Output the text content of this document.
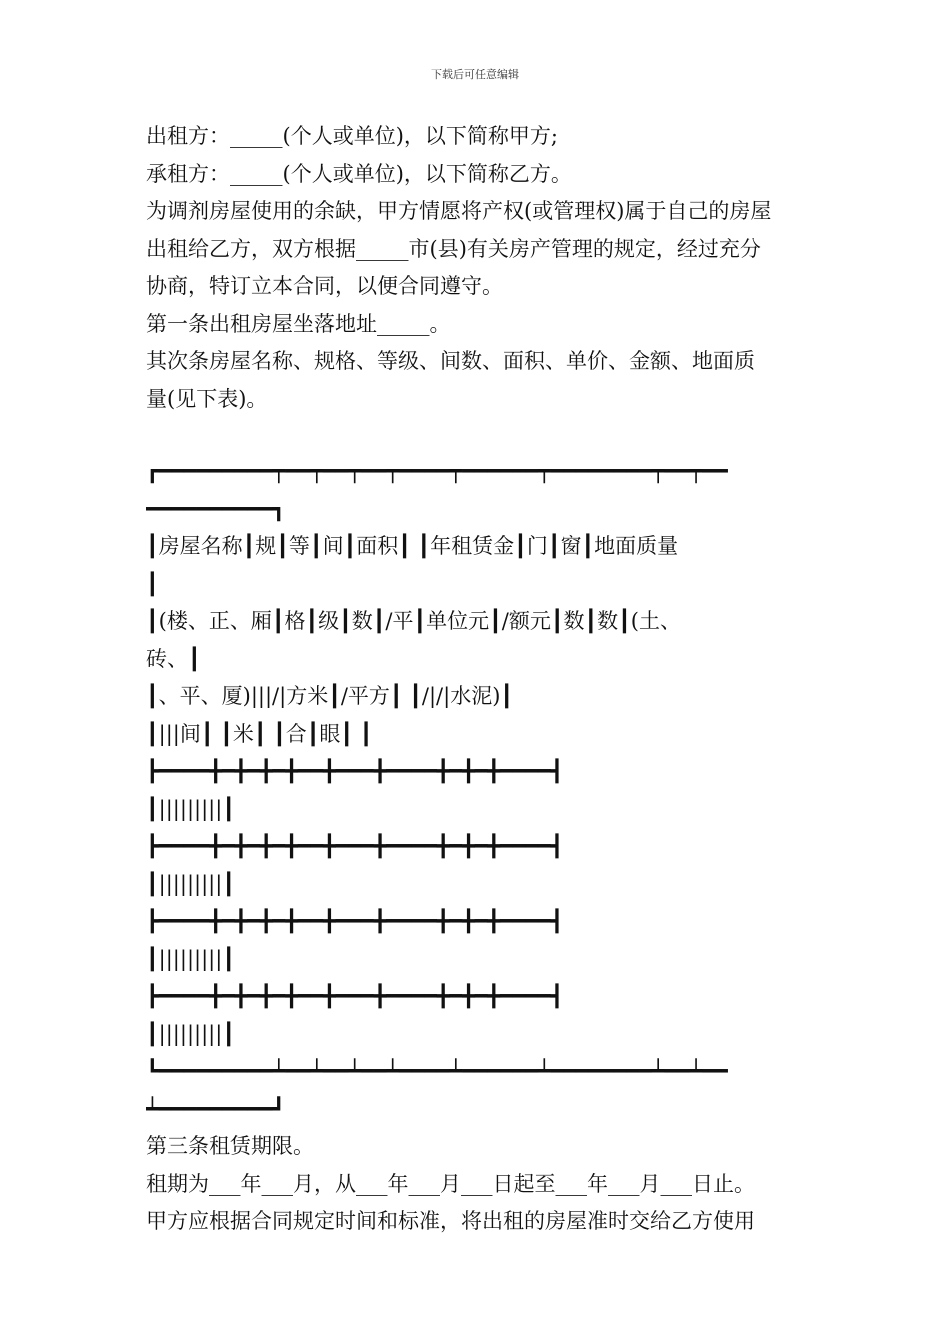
下载后可任意编辑
出租方：_____(个人或单位)，以下简称甲方;
承租方：_____(个人或单位)，以下简称乙方。
为调剂房屋使用的余缺，甲方情愿将产权(或管理权)属于自己的房屋
出租给乙方，双方根据_____市(县)有关房产管理的规定，经过充分
协商，特订立本合同，以便合同遵守。
第一条出租房屋坐落地址_____。
其次条房屋名称、规格、等级、间数、面积、单价、金额、地面质
量(见下表)。
┏━━━━━━━━━┯━━┯━━┯━━┯━━━━┯━━━━━━┯━━━━━━━━┯━━┯━━
━━━━━━━━━━┓
┃房屋名称┃规┃等┃间┃面积┃ ┃年租赁金┃门┃窗┃地面质量
┃
┃(楼、正、厢┃格┃级┃数┃/平┃单位元┃/额元┃数┃数┃(土、
砖、┃
┃、平、厦)|||/|方米┃/平方┃ ┃/|/|水泥)┃
┃|||间┃ ┃米┃ ┃合┃眼┃ ┃
┣━━━━╋━╋━╋━╋━━╋━━━╋━━━━╋━╋━╋━━━━┫
┃|||||||||┃
┣━━━━╋━╋━╋━╋━━╋━━━╋━━━━╋━╋━╋━━━━┫
┃|||||||||┃
┣━━━━╋━╋━╋━╋━━╋━━━╋━━━━╋━╋━╋━━━━┫
┃|||||||||┃
┣━━━━╋━╋━╋━╋━━╋━━━╋━━━━╋━╋━╋━━━━┫
┃|||||||||┃
┗━━━━━━━━━┷━━┷━━┷━━┷━━━━┷━━━━━━┷━━━━━━━━┷━━┷━━
┷━━━━━━━━━┛
第三条租赁期限。
租期为___年___月，从___年___月___日起至___年___月___日止。
甲方应根据合同规定时间和标准，将出租的房屋准时交给乙方使用
